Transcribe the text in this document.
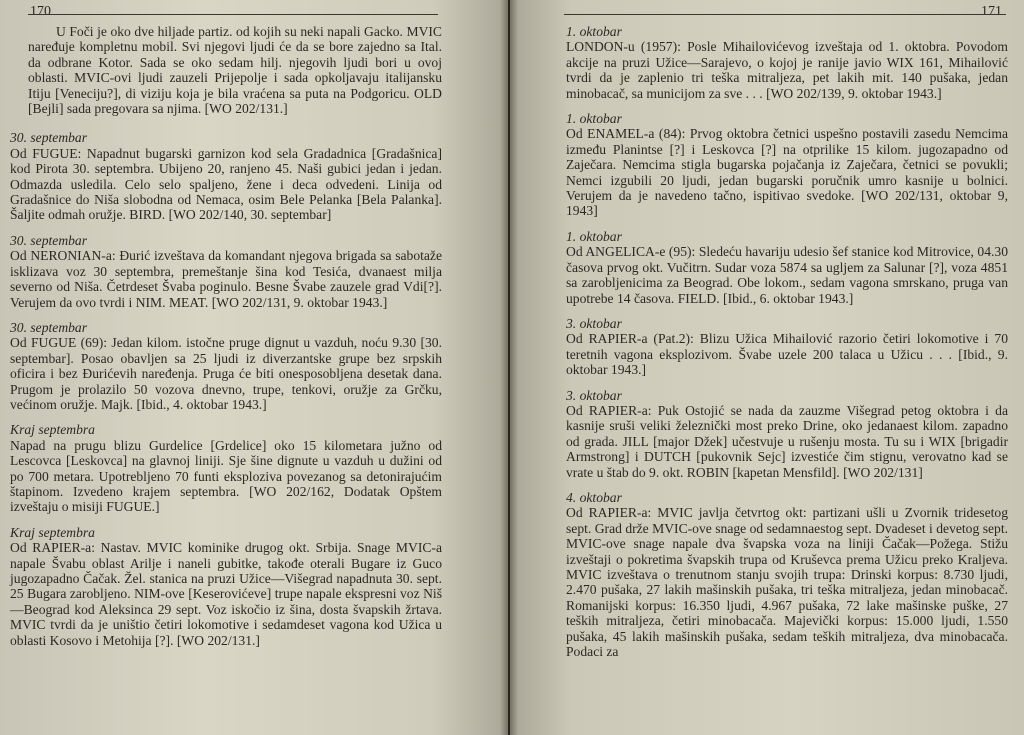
170

U Foči je oko dve hiljade partiz. od kojih su neki napali Gacko. MVIC naređuje kompletnu mobil. Svi njegovi ljudi će da se bore zajedno sa Ital. da odbrane Kotor. Sada se oko sedam hilj. njegovih ljudi bori u ovoj oblasti. MVIC-ovi ljudi zauzeli Prijepolje i sada opkoljavaju italijansku Itiju [Veneciju?], di viziju koja je bila vraćena sa puta na Podgoricu. OLD [Bejli] sada pregovara sa njima. [WO 202/131.]

30. septembar

Od FUGUE: Napadnut bugarski garnizon kod sela Gradadnica [Gradašnica] kod Pirota 30. septembra. Ubijeno 20, ranjeno 45. Naši gubici jedan i jedan. Odmazda usledila. Celo selo spaljeno, žene i deca odvedeni. Linija od Gradašnice do Niša slobodna od Nemaca, osim Bele Pelanka [Bela Palanka]. Šaljite odmah oružje. BIRD. [WO 202/140, 30. septembar]

30. septembar

Od NERONIAN-a: Đurić izveštava da komandant njegova brigada sa sabotaže isklizava voz 30 septembra, premeštanje šina kod Tesića, dvanaest milja severno od Niša. Četrdeset Švaba poginulo. Besne Švabe zauzele grad Vdi[?]. Verujem da ovo tvrdi i NIM. MEAT. [WO 202/131, 9. oktobar 1943.]

30. septembar

Od FUGUE (69): Jedan kilom. istočne pruge dignut u vazduh, noću 9.30 [30. septembar]. Posao obavljen sa 25 ljudi iz diverzantske grupe bez srpskih oficira i bez Đurićevih naređenja. Pruga će biti onesposobljena desetak dana. Prugom je prolazilo 50 vozova dnevno, trupe, tenkovi, oružje za Grčku, većinom oružje. Majk. [Ibid., 4. oktobar 1943.]

Kraj septembra

Napad na prugu blizu Gurdelice [Grdelice] oko 15 kilometara južno od Lescovca [Leskovca] na glavnoj liniji. Sje šine dignute u vazduh u dužini od po 700 metara. Upotrebljeno 70 funti eksploziva povezanog sa detonirajućim štapinom. Izvedeno krajem septembra. [WO 202/162, Dodatak Opštem izveštaju o misiji FUGUE.]

Kraj septembra

Od RAPIER-a: Nastav. MVIC kominike drugog okt. Srbija. Snage MVIC-a napale Švabu oblast Arilje i naneli gubitke, takođe oterali Bugare iz Guco jugozapadno Čačak. Žel. stanica na pruzi Užice—Višegrad napadnuta 30. sept. 25 Bugara zarobljeno. NIM-ove [Keserovićeve] trupe napale ekspresni voz Niš—Beograd kod Aleksinca 29 sept. Voz iskočio iz šina, dosta švapskih žrtava. MVIC tvrdi da je uništio četiri lokomotive i sedamdeset vagona kod Užica u oblasti Kosovo i Metohija [?]. [WO 202/131.]

171

1. oktobar

LONDON-u (1957): Posle Mihailovićevog izveštaja od 1. oktobra. Povodom akcije na pruzi Užice—Sarajevo, o kojoj je ranije javio WIX 161, Mihailović tvrdi da je zaplenio tri teška mitraljeza, pet lakih mit. 140 pušaka, jedan minobacač, sa municijom za sve . . . [WO 202/139, 9. oktobar 1943.]

1. oktobar

Od ENAMEL-a (84): Prvog oktobra četnici uspešno postavili zasedu Nemcima između Planintse [?] i Leskovca [?] na otprilike 15 kilom. jugozapadno od Zaječara. Nemcima stigla bugarska pojačanja iz Zaječara, četnici se povukli; Nemci izgubili 20 ljudi, jedan bugarski poručnik umro kasnije u bolnici. Verujem da je navedeno tačno, ispitivao svedoke. [WO 202/131, oktobar 9, 1943]

1. oktobar

Od ANGELICA-e (95): Sledeću havariju udesio šef stanice kod Mitrovice, 04.30 časova prvog okt. Vučitrn. Sudar voza 5874 sa ugljem za Salunar [?], voza 4851 sa zarobljenicima za Beograd. Obe lokom., sedam vagona smrskano, pruga van upotrebe 14 časova. FIELD. [Ibid., 6. oktobar 1943.]

3. oktobar

Od RAPIER-a (Pat.2): Blizu Užica Mihailović razorio četiri lokomotive i 70 teretnih vagona eksplozivom. Švabe uzele 200 talaca u Užicu . . . [Ibid., 9. oktobar 1943.]

3. oktobar

Od RAPIER-a: Puk Ostojić se nada da zauzme Višegrad petog oktobra i da kasnije sruši veliki železnički most preko Drine, oko jedanaest kilom. zapadno od grada. JILL [major Džek] učestvuje u rušenju mosta. Tu su i WIX [brigadir Armstrong] i DUTCH [pukovnik Sejc] izvestiće čim stignu, verovatno kad se vrate u štab do 9. okt. ROBIN [kapetan Mensfild]. [WO 202/131]

4. oktobar

Od RAPIER-a: MVIC javlja četvrtog okt: partizani ušli u Zvornik tridesetog sept. Grad drže MVIC-ove snage od sedamnaestog sept. Dvadeset i devetog sept. MVIC-ove snage napale dva švapska voza na liniji Čačak—Požega. Stižu izveštaji o pokretima švapskih trupa od Kruševca prema Užicu preko Kraljeva. MVIC izveštava o trenutnom stanju svojih trupa: Drinski korpus: 8.730 ljudi, 2.470 pušaka, 27 lakih mašinskih pušaka, tri teška mitraljeza, jedan minobacač. Romanijski korpus: 16.350 ljudi, 4.967 pušaka, 72 lake mašinske puške, 27 teških mitraljeza, četiri minobacača. Majevički korpus: 15.000 ljudi, 1.550 pušaka, 45 lakih mašinskih pušaka, sedam teških mitraljeza, dva minobacača. Podaci za
